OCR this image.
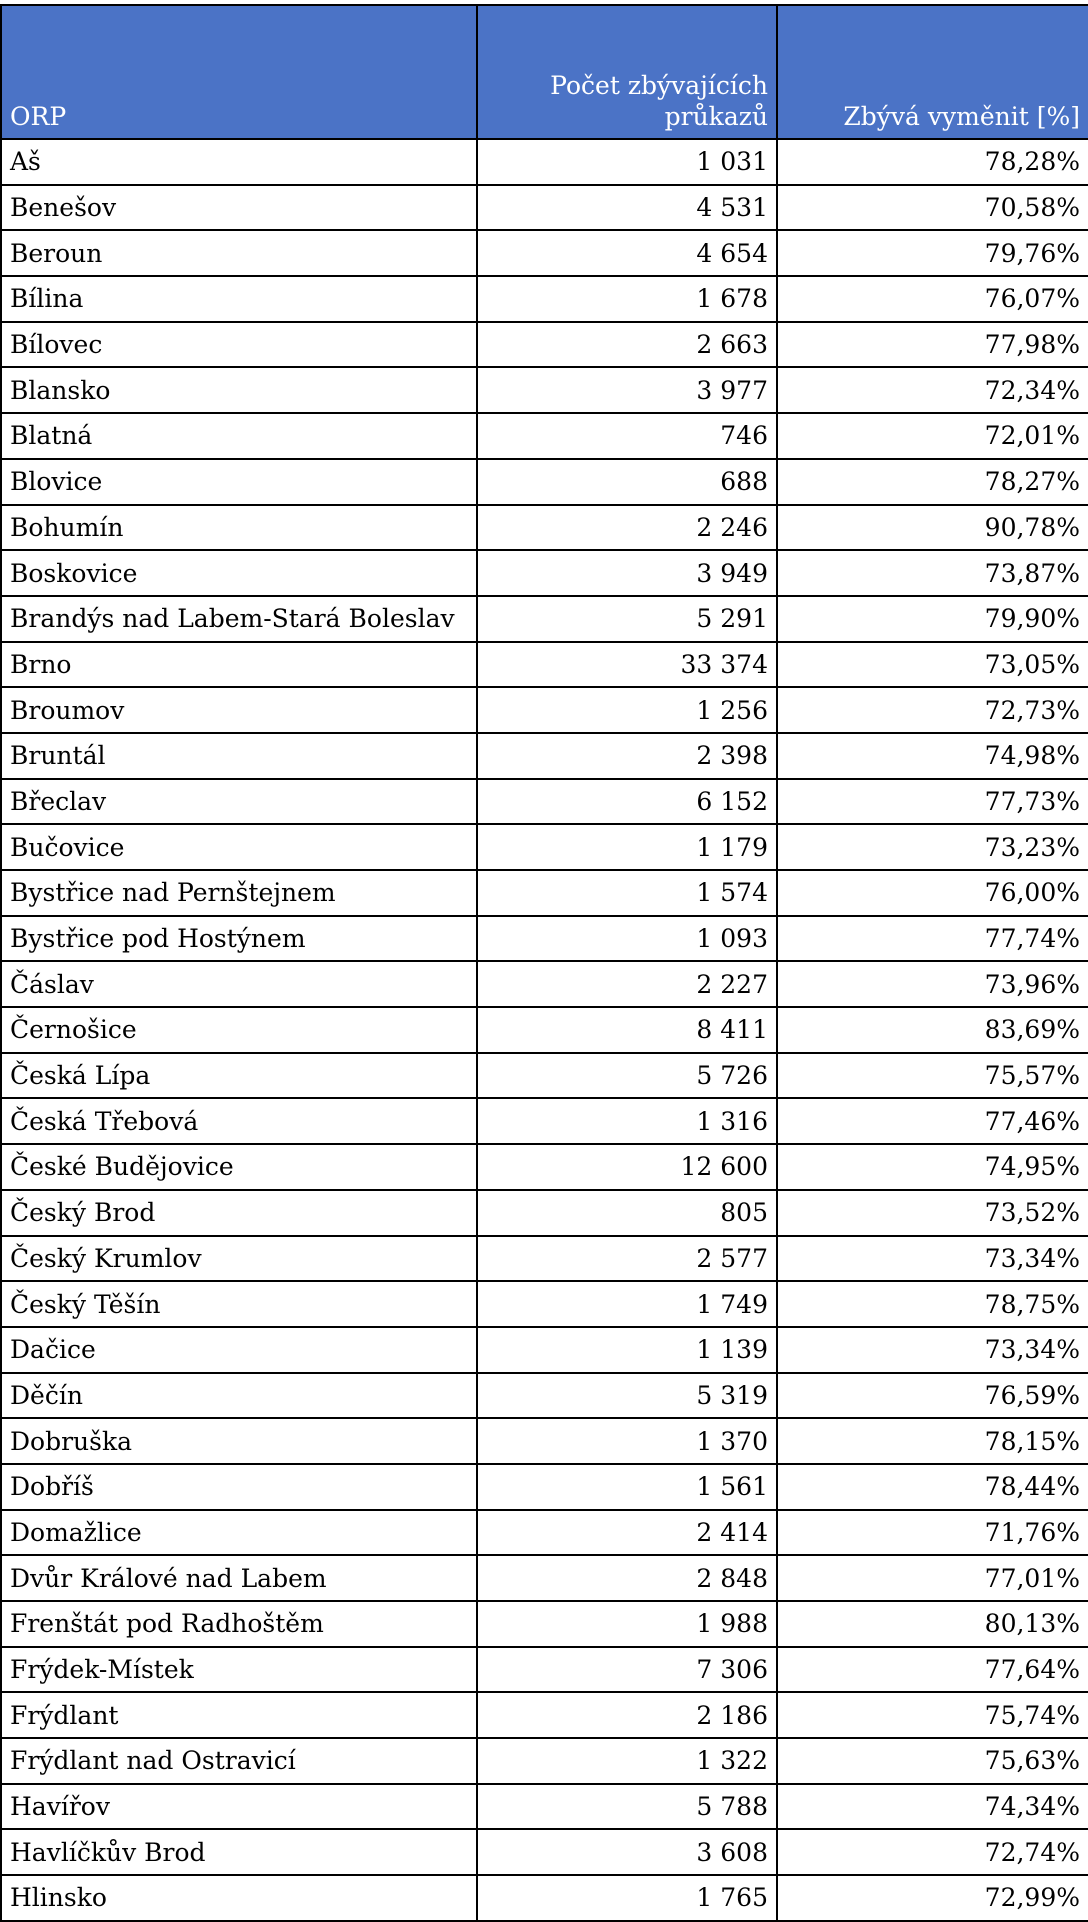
ORP	Počet zbývajících průkazů	Zbývá vyměnit [%]
Aš	1 031	78,28%
Benešov	4 531	70,58%
Beroun	4 654	79,76%
Bílina	1 678	76,07%
Bílovec	2 663	77,98%
Blansko	3 977	72,34%
Blatná	746	72,01%
Blovice	688	78,27%
Bohumín	2 246	90,78%
Boskovice	3 949	73,87%
Brandýs nad Labem-Stará Boleslav	5 291	79,90%
Brno	33 374	73,05%
Broumov	1 256	72,73%
Bruntál	2 398	74,98%
Břeclav	6 152	77,73%
Bučovice	1 179	73,23%
Bystřice nad Pernštejnem	1 574	76,00%
Bystřice pod Hostýnem	1 093	77,74%
Čáslav	2 227	73,96%
Černošice	8 411	83,69%
Česká Lípa	5 726	75,57%
Česká Třebová	1 316	77,46%
České Budějovice	12 600	74,95%
Český Brod	805	73,52%
Český Krumlov	2 577	73,34%
Český Těšín	1 749	78,75%
Dačice	1 139	73,34%
Děčín	5 319	76,59%
Dobruška	1 370	78,15%
Dobříš	1 561	78,44%
Domažlice	2 414	71,76%
Dvůr Králové nad Labem	2 848	77,01%
Frenštát pod Radhoštěm	1 988	80,13%
Frýdek-Místek	7 306	77,64%
Frýdlant	2 186	75,74%
Frýdlant nad Ostravicí	1 322	75,63%
Havířov	5 788	74,34%
Havlíčkův Brod	3 608	72,74%
Hlinsko	1 765	72,99%
